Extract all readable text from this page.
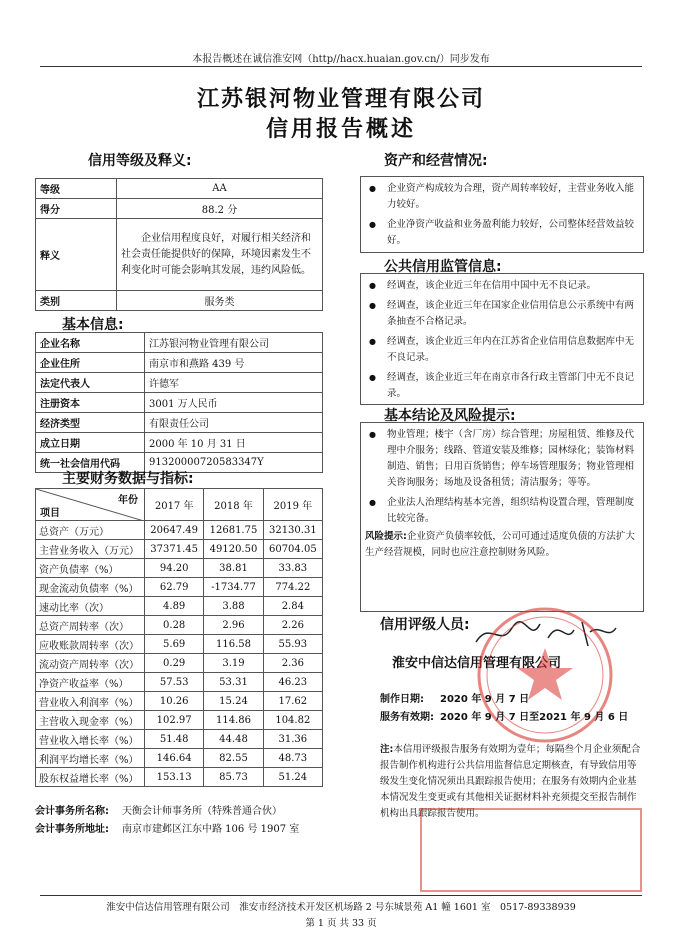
本报告概述在诚信淮安网（http//hacx.huaian.gov.cn/）同步发布
江苏银河物业管理有限公司
信用报告概述
信用等级及释义:
等级	AA
得分	88.2 分
释义	企业信用程度良好，对履行相关经济和社会责任能提供好的保障，环境因素发生不利变化时可能会影响其发展，违约风险低。
类别	服务类
基本信息:
企业名称	江苏银河物业管理有限公司
企业住所	南京市和燕路 439 号
法定代表人	许德军
注册资本	3001 万人民币
经济类型	有限责任公司
成立日期	2000 年 10 月 31 日
统一社会信用代码	91320000720583347Y
主要财务数据与指标:
年份
项目	2017 年	2018 年	2019 年
总资产（万元）	20647.49	12681.75	32130.31
主营业务收入（万元）	37371.45	49120.50	60704.05
资产负债率（%）	94.20	38.81	33.83
现金流动负债率（%）	62.79	-1734.77	774.22
速动比率（次）	4.89	3.88	2.84
总资产周转率（次）	0.28	2.96	2.26
应收账款周转率（次）	5.69	116.58	55.93
流动资产周转率（次）	0.29	3.19	2.36
净资产收益率（%）	57.53	53.31	46.23
营业收入利润率（%）	10.26	15.24	17.62
主营收入现金率（%）	102.97	114.86	104.82
营业收入增长率（%）	51.48	44.48	31.36
利润平均增长率（%）	146.64	82.55	48.73
股东权益增长率（%）	153.13	85.73	51.24
会计事务所名称: 天衡会计师事务所（特殊普通合伙）
会计事务所地址: 南京市建邺区江东中路 106 号 1907 室
资产和经营情况:
● 企业资产构成较为合理，资产周转率较好，主营业务收入能力较好。
● 企业净资产收益和业务盈利能力较好，公司整体经营效益较好。
公共信用监管信息:
● 经调查，该企业近三年在信用中国中无不良记录。
● 经调查，该企业近三年在国家企业信用信息公示系统中有两条抽查不合格记录。
● 经调查，该企业近三年内在江苏省企业信用信息数据库中无不良记录。
● 经调查，该企业近三年在南京市各行政主管部门中无不良记录。
基本结论及风险提示:
● 物业管理；楼宇（含厂房）综合管理；房屋租赁、维修及代理中介服务；线路、管道安装及维修；园林绿化；装饰材料制造、销售；日用百货销售；停车场管理服务；物业管理相关咨询服务；场地及设备租赁；清洁服务；等等。
● 企业法人治理结构基本完善，组织结构设置合理，管理制度比较完备。
风险提示:企业资产负债率较低，公司可通过适度负债的方法扩大生产经营规模，同时也应注意控制财务风险。
信用评级人员:
淮安中信达信用管理有限公司
制作日期: 2020 年 9 月 7 日
服务有效期: 2020 年 9 月 7 日至2021 年 9 月 6 日
注:本信用评级报告服务有效期为壹年；每隔叁个月企业须配合报告制作机构进行公共信用监督信息定期核查，有导致信用等级发生变化情况须出具跟踪报告使用；在服务有效期内企业基本情况发生变更或有其他相关证据材料补充须提交至报告制作机构出具跟踪报告使用。
淮安中信达信用管理有限公司　淮安市经济技术开发区机场路 2 号东城景苑 A1 幢 1601 室　0517-89338939
第 1 页 共 33 页
